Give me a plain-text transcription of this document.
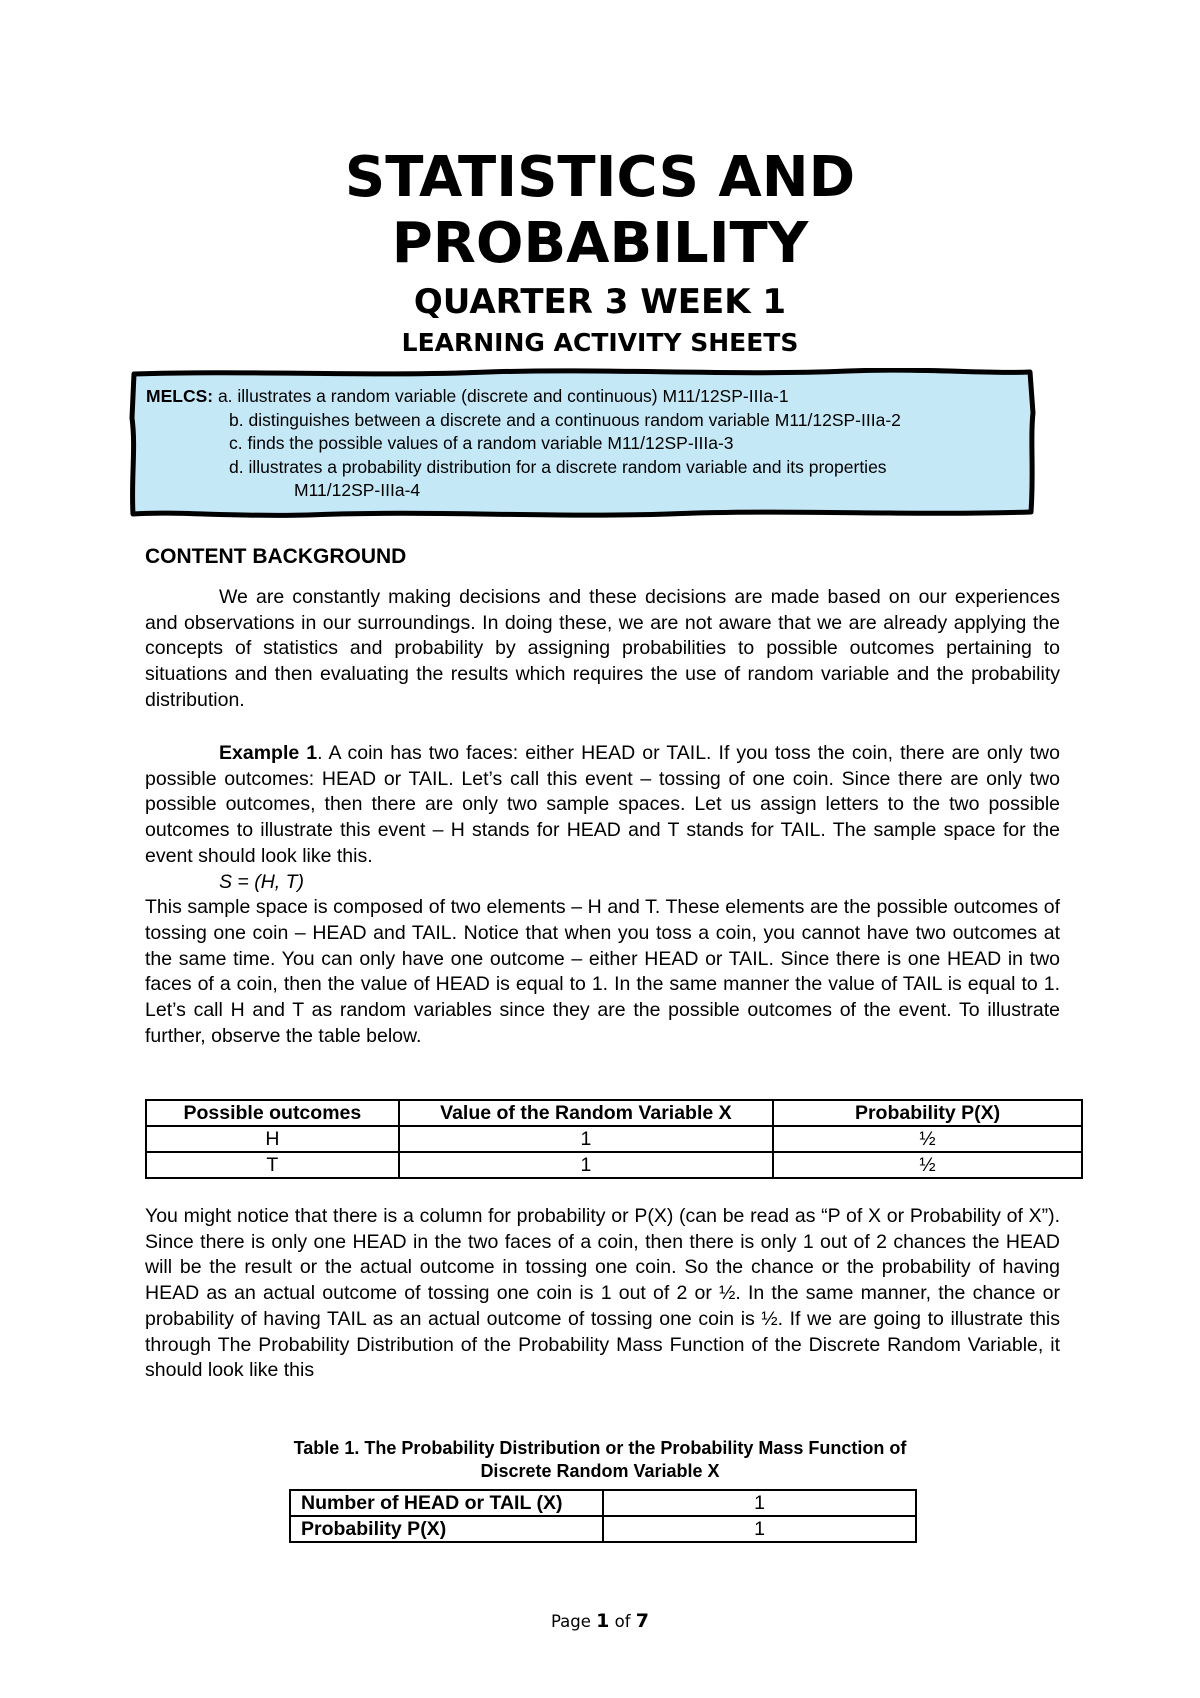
STATISTICS AND
PROBABILITY
QUARTER 3 WEEK 1
LEARNING ACTIVITY SHEETS
MELCS: a. illustrates a random variable (discrete and continuous) M11/12SP-IIIa-1
b. distinguishes between a discrete and a continuous random variable M11/12SP-IIIa-2
c. finds the possible values of a random variable M11/12SP-IIIa-3
d. illustrates a probability distribution for a discrete random variable and its properties
M11/12SP-IIIa-4
CONTENT BACKGROUND
We are constantly making decisions and these decisions are made based on our experiences and observations in our surroundings. In doing these, we are not aware that we are already applying the concepts of statistics and probability by assigning probabilities to possible outcomes pertaining to situations and then evaluating the results which requires the use of random variable and the probability distribution.
Example 1. A coin has two faces: either HEAD or TAIL. If you toss the coin, there are only two possible outcomes: HEAD or TAIL. Let’s call this event – tossing of one coin. Since there are only two possible outcomes, then there are only two sample spaces. Let us assign letters to the two possible outcomes to illustrate this event – H stands for HEAD and T stands for TAIL. The sample space for the event should look like this.
S = (H, T)
This sample space is composed of two elements – H and T. These elements are the possible outcomes of tossing one coin – HEAD and TAIL. Notice that when you toss a coin, you cannot have two outcomes at the same time. You can only have one outcome – either HEAD or TAIL. Since there is one HEAD in two faces of a coin, then the value of HEAD is equal to 1. In the same manner the value of TAIL is equal to 1. Let’s call H and T as random variables since they are the possible outcomes of the event. To illustrate further, observe the table below.
Possible outcomes	Value of the Random Variable X	Probability P(X)
H	1	½
T	1	½
You might notice that there is a column for probability or P(X) (can be read as “P of X or Probability of X”). Since there is only one HEAD in the two faces of a coin, then there is only 1 out of 2 chances the HEAD will be the result or the actual outcome in tossing one coin. So the chance or the probability of having HEAD as an actual outcome of tossing one coin is 1 out of 2 or ½. In the same manner, the chance or probability of having TAIL as an actual outcome of tossing one coin is ½. If we are going to illustrate this through The Probability Distribution of the Probability Mass Function of the Discrete Random Variable, it should look like this
Table 1. The Probability Distribution or the Probability Mass Function of
Discrete Random Variable X
Number of HEAD or TAIL (X)	1
Probability P(X)	1
Page 1 of 7
